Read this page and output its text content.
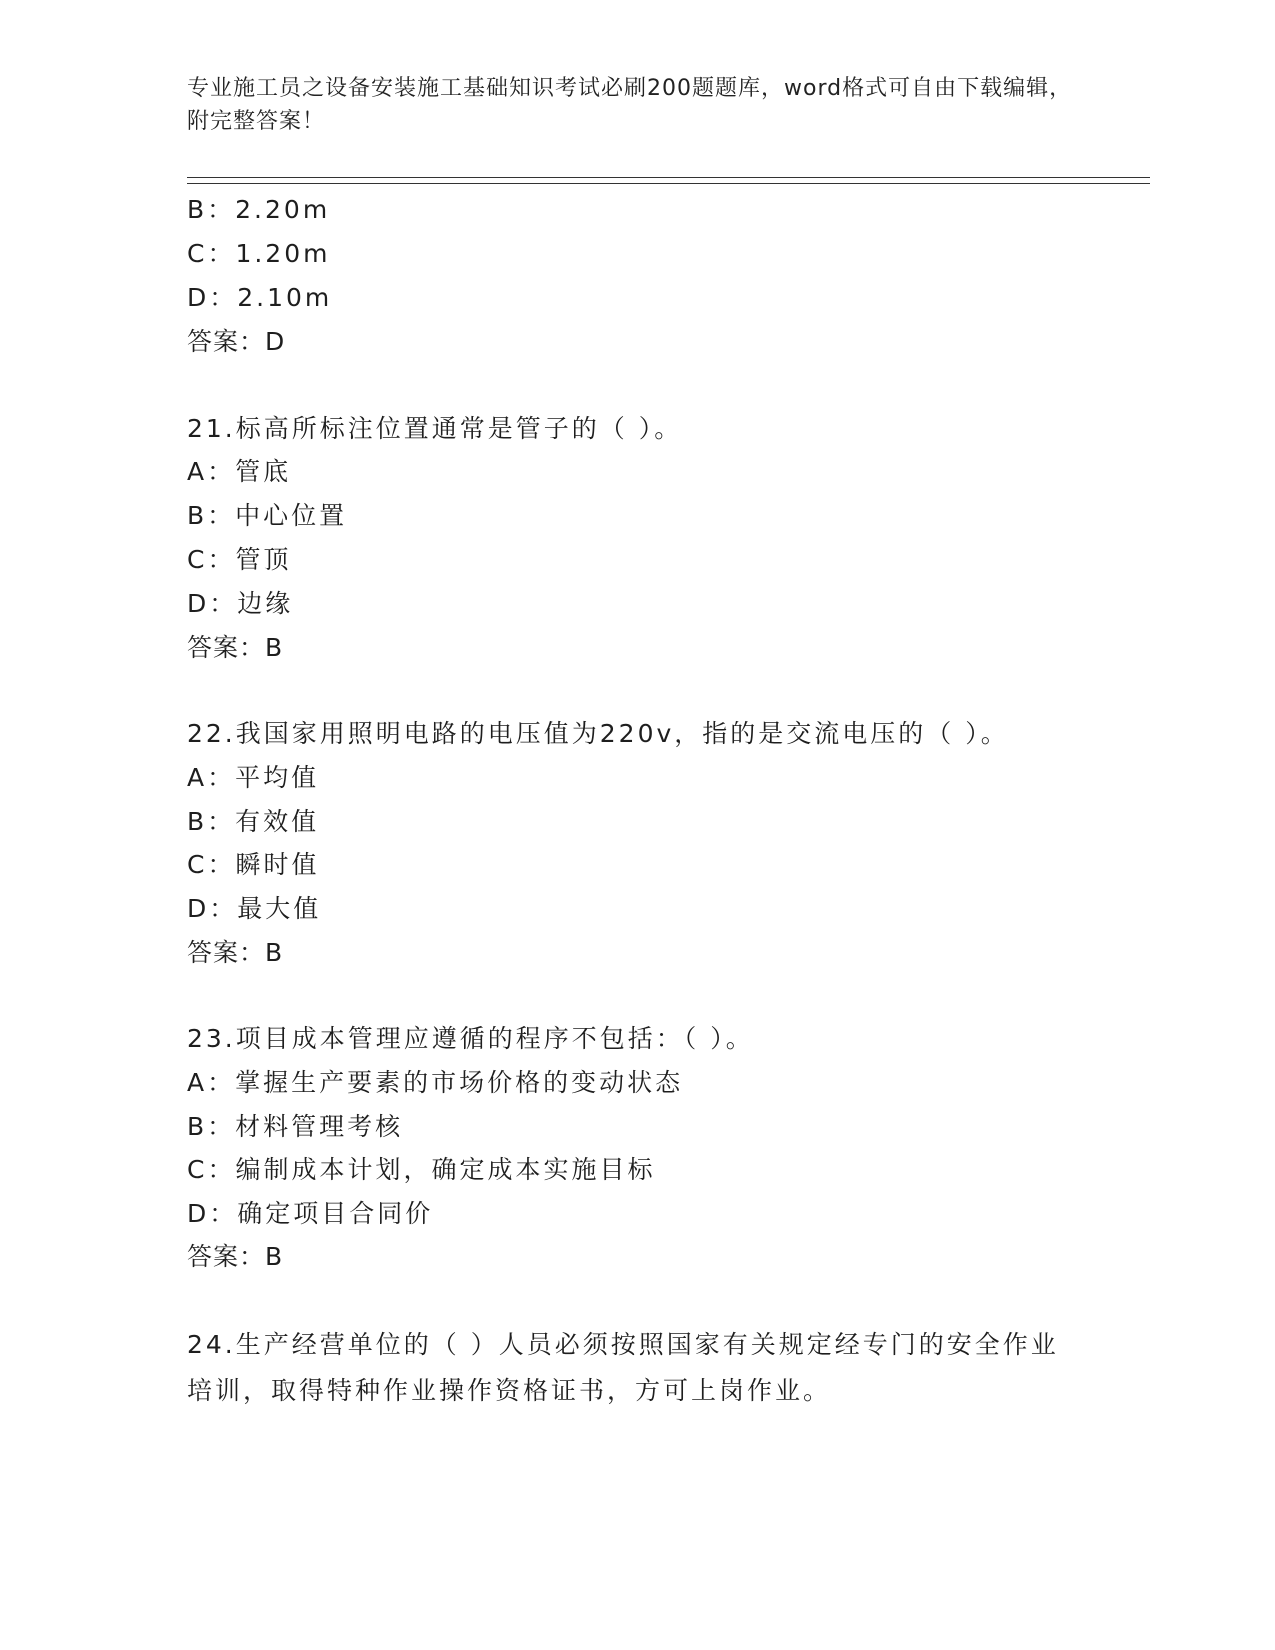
专业施工员之设备安装施工基础知识考试必刷200题题库，word格式可自由下载编辑，附完整答案！
B：2.20m
C：1.20m
D：2.10m
答案：D
21.标高所标注位置通常是管子的（ ）。
A：管底
B：中心位置
C：管顶
D：边缘
答案：B
22.我国家用照明电路的电压值为220v，指的是交流电压的（ ）。
A：平均值
B：有效值
C：瞬时值
D：最大值
答案：B
23.项目成本管理应遵循的程序不包括：（ ）。
A：掌握生产要素的市场价格的变动状态
B：材料管理考核
C：编制成本计划，确定成本实施目标
D：确定项目合同价
答案：B
24.生产经营单位的（ ）人员必须按照国家有关规定经专门的安全作业培训，取得特种作业操作资格证书，方可上岗作业。
